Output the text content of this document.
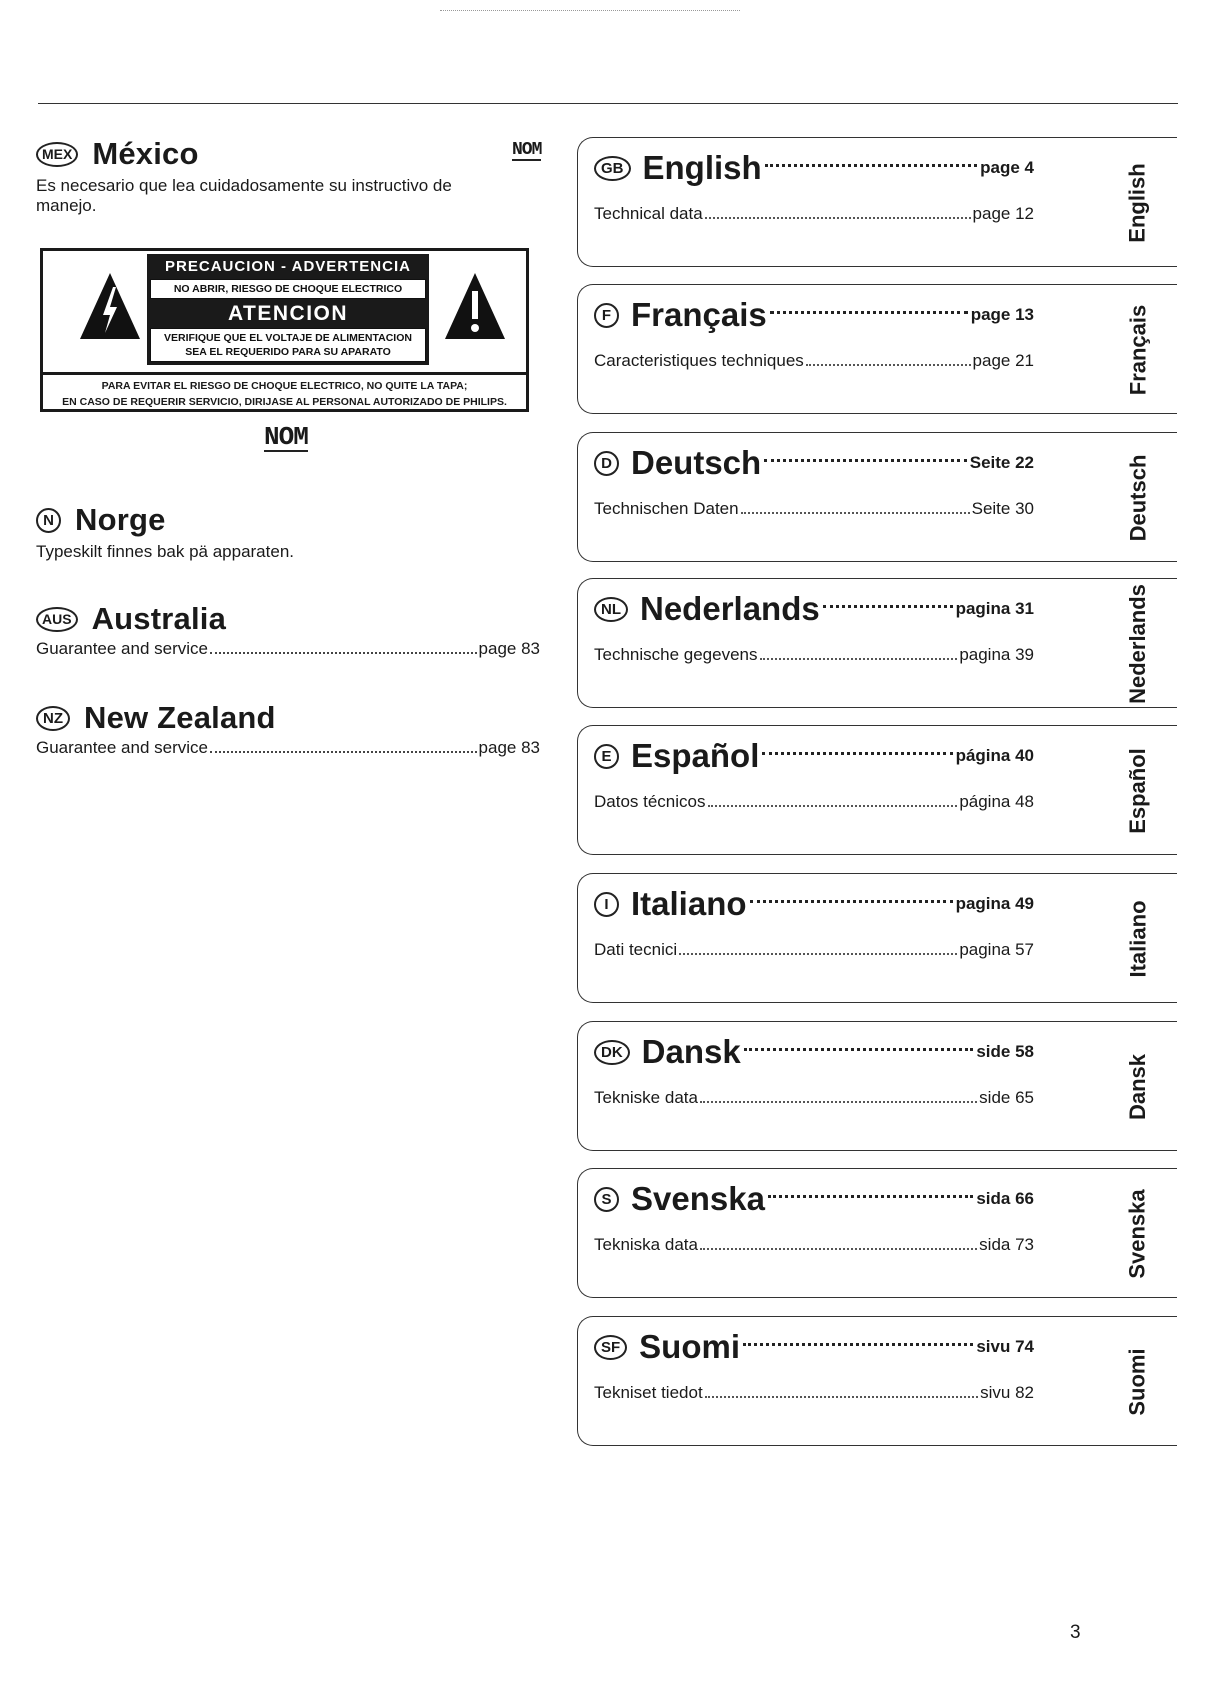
MEX México
Es necesario que lea cuidadosamente su instructivo de
manejo.
NOM
PRECAUCION - ADVERTENCIA
NO ABRIR, RIESGO DE CHOQUE ELECTRICO
ATENCION
VERIFIQUE QUE EL VOLTAJE DE ALIMENTACION
SEA EL REQUERIDO PARA SU APARATO
PARA EVITAR EL RIESGO DE CHOQUE ELECTRICO, NO QUITE LA TAPA;
EN CASO DE REQUERIR SERVICIO, DIRIJASE AL PERSONAL AUTORIZADO DE PHILIPS.
NOM
N Norge
Typeskilt finnes bak pä apparaten.
AUS Australia
Guarantee and service	page 83
NZ New Zealand
Guarantee and service	page 83
GB English	page 4
Technical data	page 12	English
F Français	page 13
Caracteristiques techniques	page 21	Français
D Deutsch	Seite 22
Technischen Daten	Seite 30	Deutsch
NL Nederlands	pagina 31
Technische gegevens	pagina 39	Nederlands
E Español	página 40
Datos técnicos	página 48	Español
I Italiano	pagina 49
Dati tecnici	pagina 57	Italiano
DK Dansk	side 58
Tekniske data	side 65	Dansk
S Svenska	sida 66
Tekniska data	sida 73	Svenska
SF Suomi	sivu 74
Tekniset tiedot	sivu 82	Suomi
3
